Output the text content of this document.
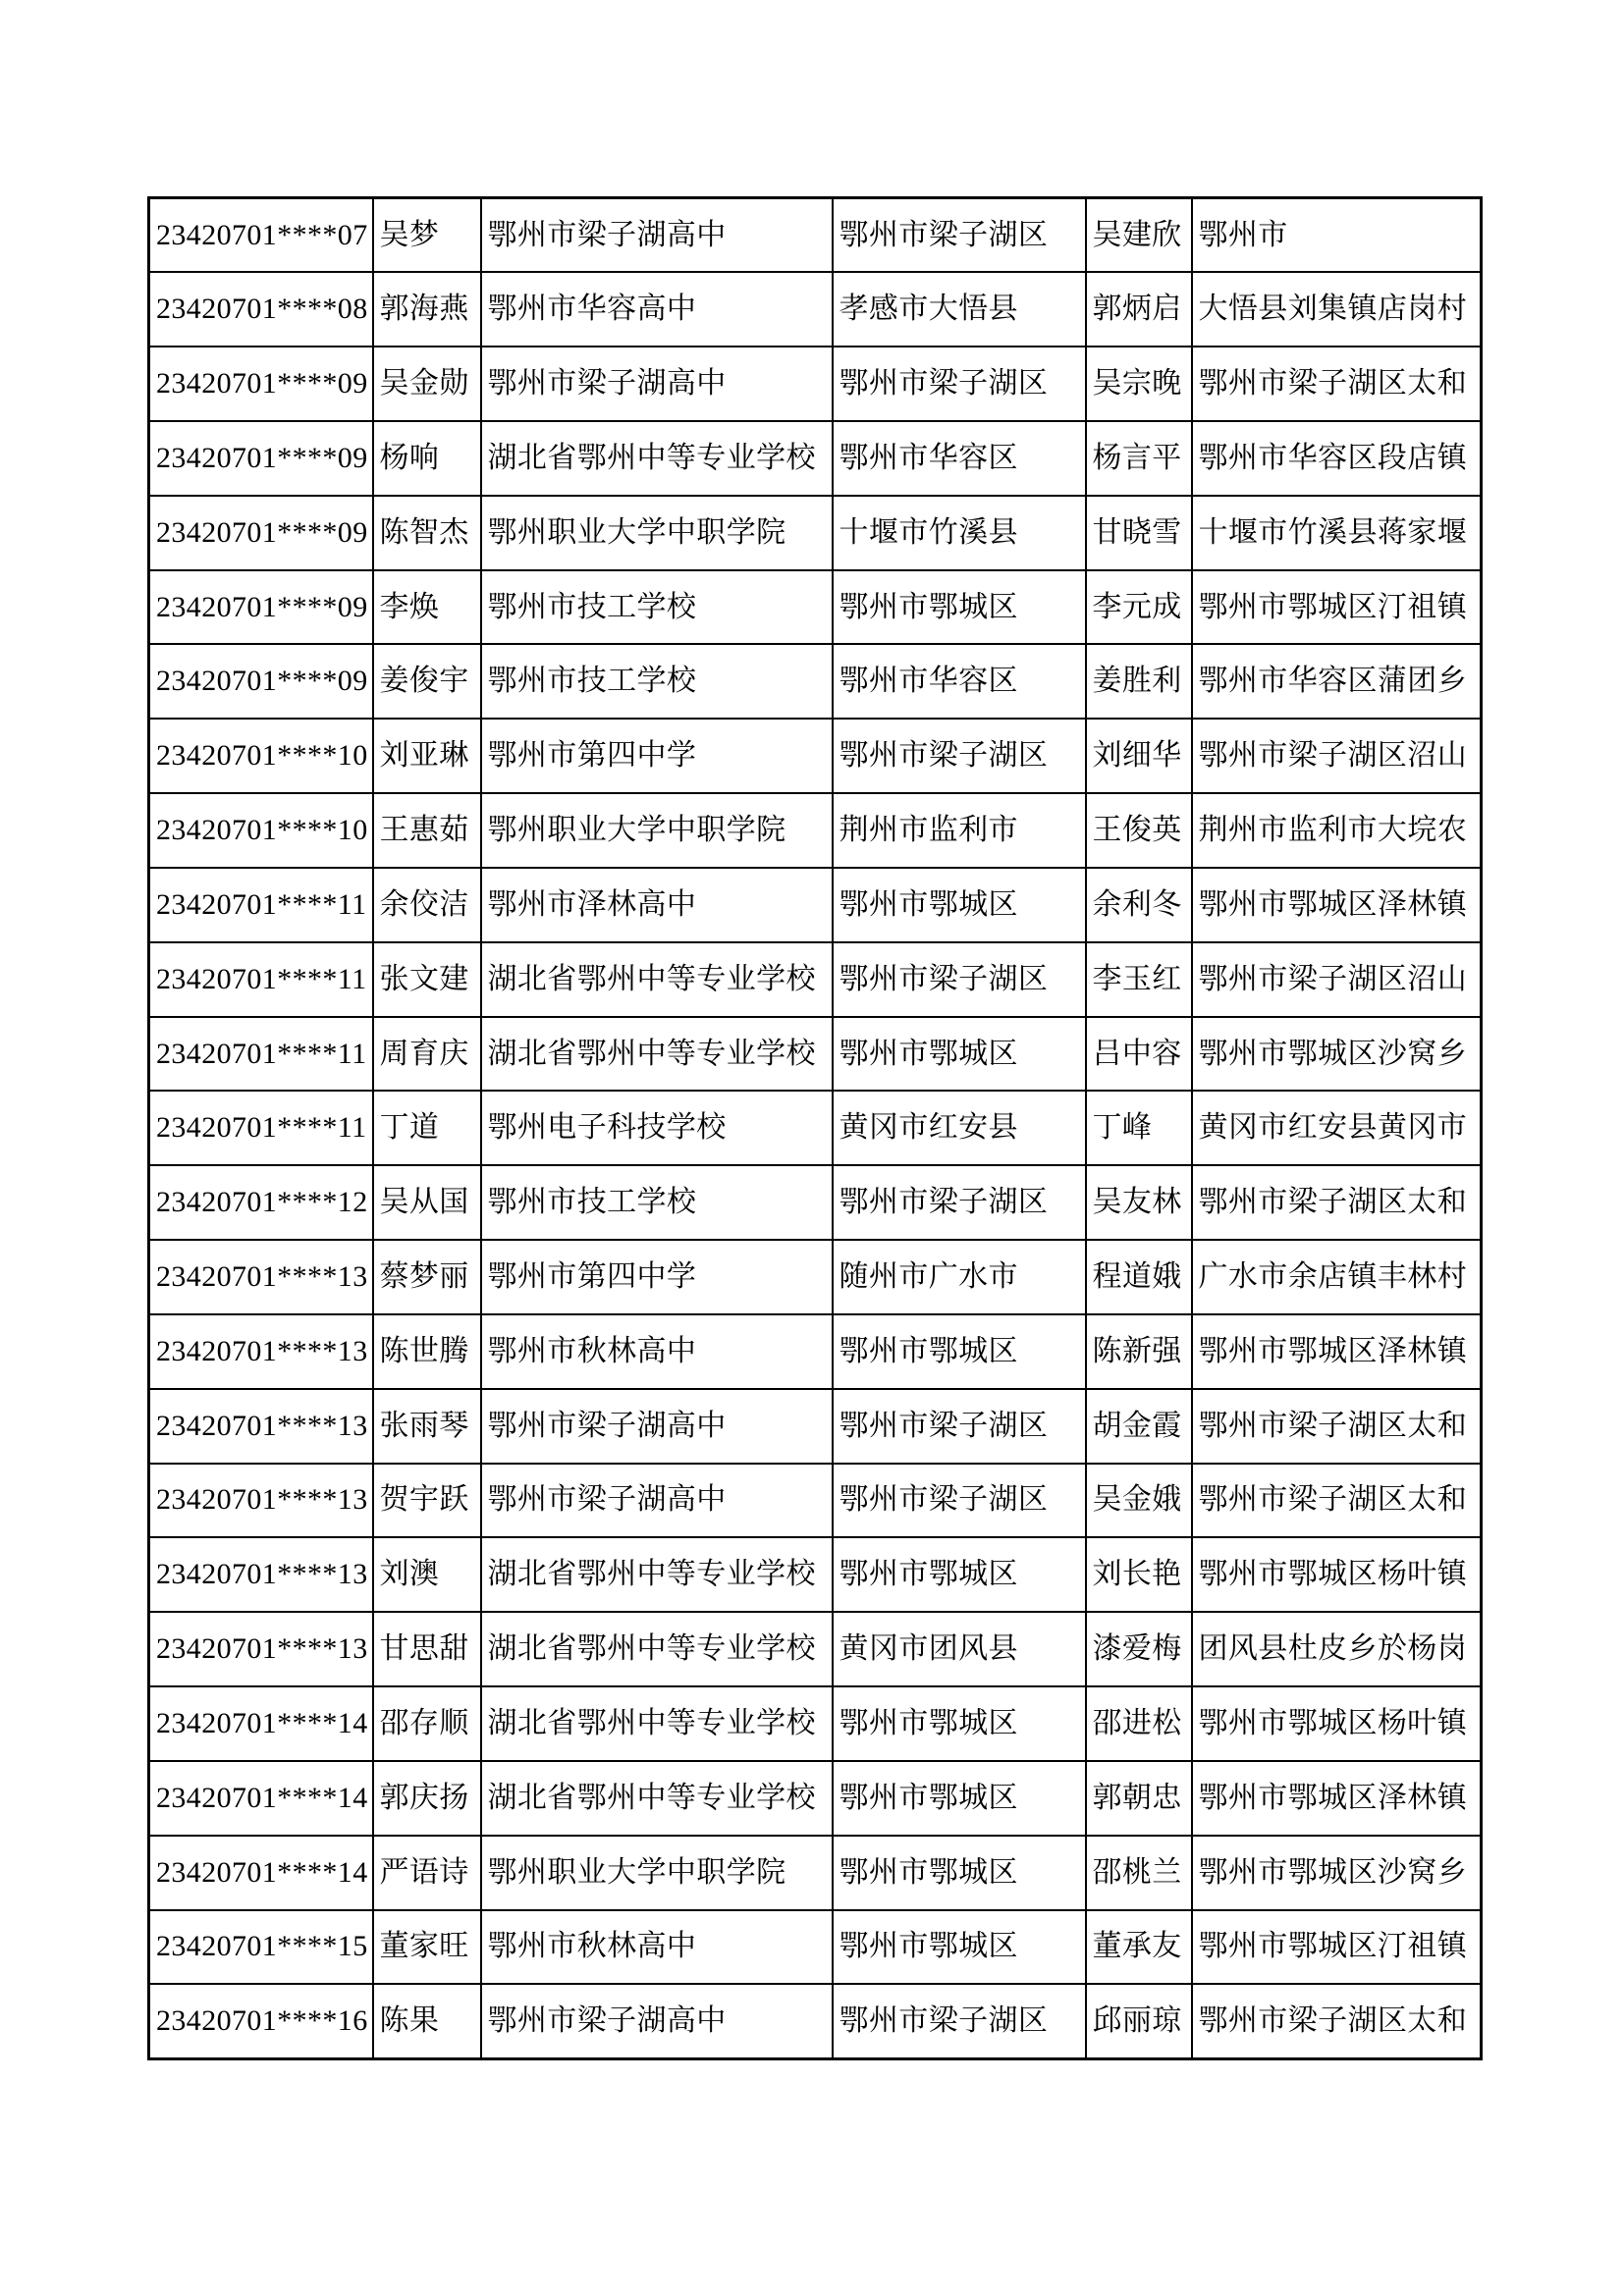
23420701****07	吴梦	鄂州市梁子湖高中	鄂州市梁子湖区	吴建欣	鄂州市
23420701****08	郭海燕	鄂州市华容高中	孝感市大悟县	郭炳启	大悟县刘集镇店岗村
23420701****09	吴金勋	鄂州市梁子湖高中	鄂州市梁子湖区	吴宗晚	鄂州市梁子湖区太和
23420701****09	杨响	湖北省鄂州中等专业学校	鄂州市华容区	杨言平	鄂州市华容区段店镇
23420701****09	陈智杰	鄂州职业大学中职学院	十堰市竹溪县	甘晓雪	十堰市竹溪县蒋家堰
23420701****09	李焕	鄂州市技工学校	鄂州市鄂城区	李元成	鄂州市鄂城区汀祖镇
23420701****09	姜俊宇	鄂州市技工学校	鄂州市华容区	姜胜利	鄂州市华容区蒲团乡
23420701****10	刘亚琳	鄂州市第四中学	鄂州市梁子湖区	刘细华	鄂州市梁子湖区沼山
23420701****10	王惠茹	鄂州职业大学中职学院	荆州市监利市	王俊英	荆州市监利市大垸农
23420701****11	余佼洁	鄂州市泽林高中	鄂州市鄂城区	余利冬	鄂州市鄂城区泽林镇
23420701****11	张文建	湖北省鄂州中等专业学校	鄂州市梁子湖区	李玉红	鄂州市梁子湖区沼山
23420701****11	周育庆	湖北省鄂州中等专业学校	鄂州市鄂城区	吕中容	鄂州市鄂城区沙窝乡
23420701****11	丁道	鄂州电子科技学校	黄冈市红安县	丁峰	黄冈市红安县黄冈市
23420701****12	吴从国	鄂州市技工学校	鄂州市梁子湖区	吴友林	鄂州市梁子湖区太和
23420701****13	蔡梦丽	鄂州市第四中学	随州市广水市	程道娥	广水市余店镇丰林村
23420701****13	陈世腾	鄂州市秋林高中	鄂州市鄂城区	陈新强	鄂州市鄂城区泽林镇
23420701****13	张雨琴	鄂州市梁子湖高中	鄂州市梁子湖区	胡金霞	鄂州市梁子湖区太和
23420701****13	贺宇跃	鄂州市梁子湖高中	鄂州市梁子湖区	吴金娥	鄂州市梁子湖区太和
23420701****13	刘澳	湖北省鄂州中等专业学校	鄂州市鄂城区	刘长艳	鄂州市鄂城区杨叶镇
23420701****13	甘思甜	湖北省鄂州中等专业学校	黄冈市团风县	漆爱梅	团风县杜皮乡於杨岗
23420701****14	邵存顺	湖北省鄂州中等专业学校	鄂州市鄂城区	邵进松	鄂州市鄂城区杨叶镇
23420701****14	郭庆扬	湖北省鄂州中等专业学校	鄂州市鄂城区	郭朝忠	鄂州市鄂城区泽林镇
23420701****14	严语诗	鄂州职业大学中职学院	鄂州市鄂城区	邵桃兰	鄂州市鄂城区沙窝乡
23420701****15	董家旺	鄂州市秋林高中	鄂州市鄂城区	董承友	鄂州市鄂城区汀祖镇
23420701****16	陈果	鄂州市梁子湖高中	鄂州市梁子湖区	邱丽琼	鄂州市梁子湖区太和
